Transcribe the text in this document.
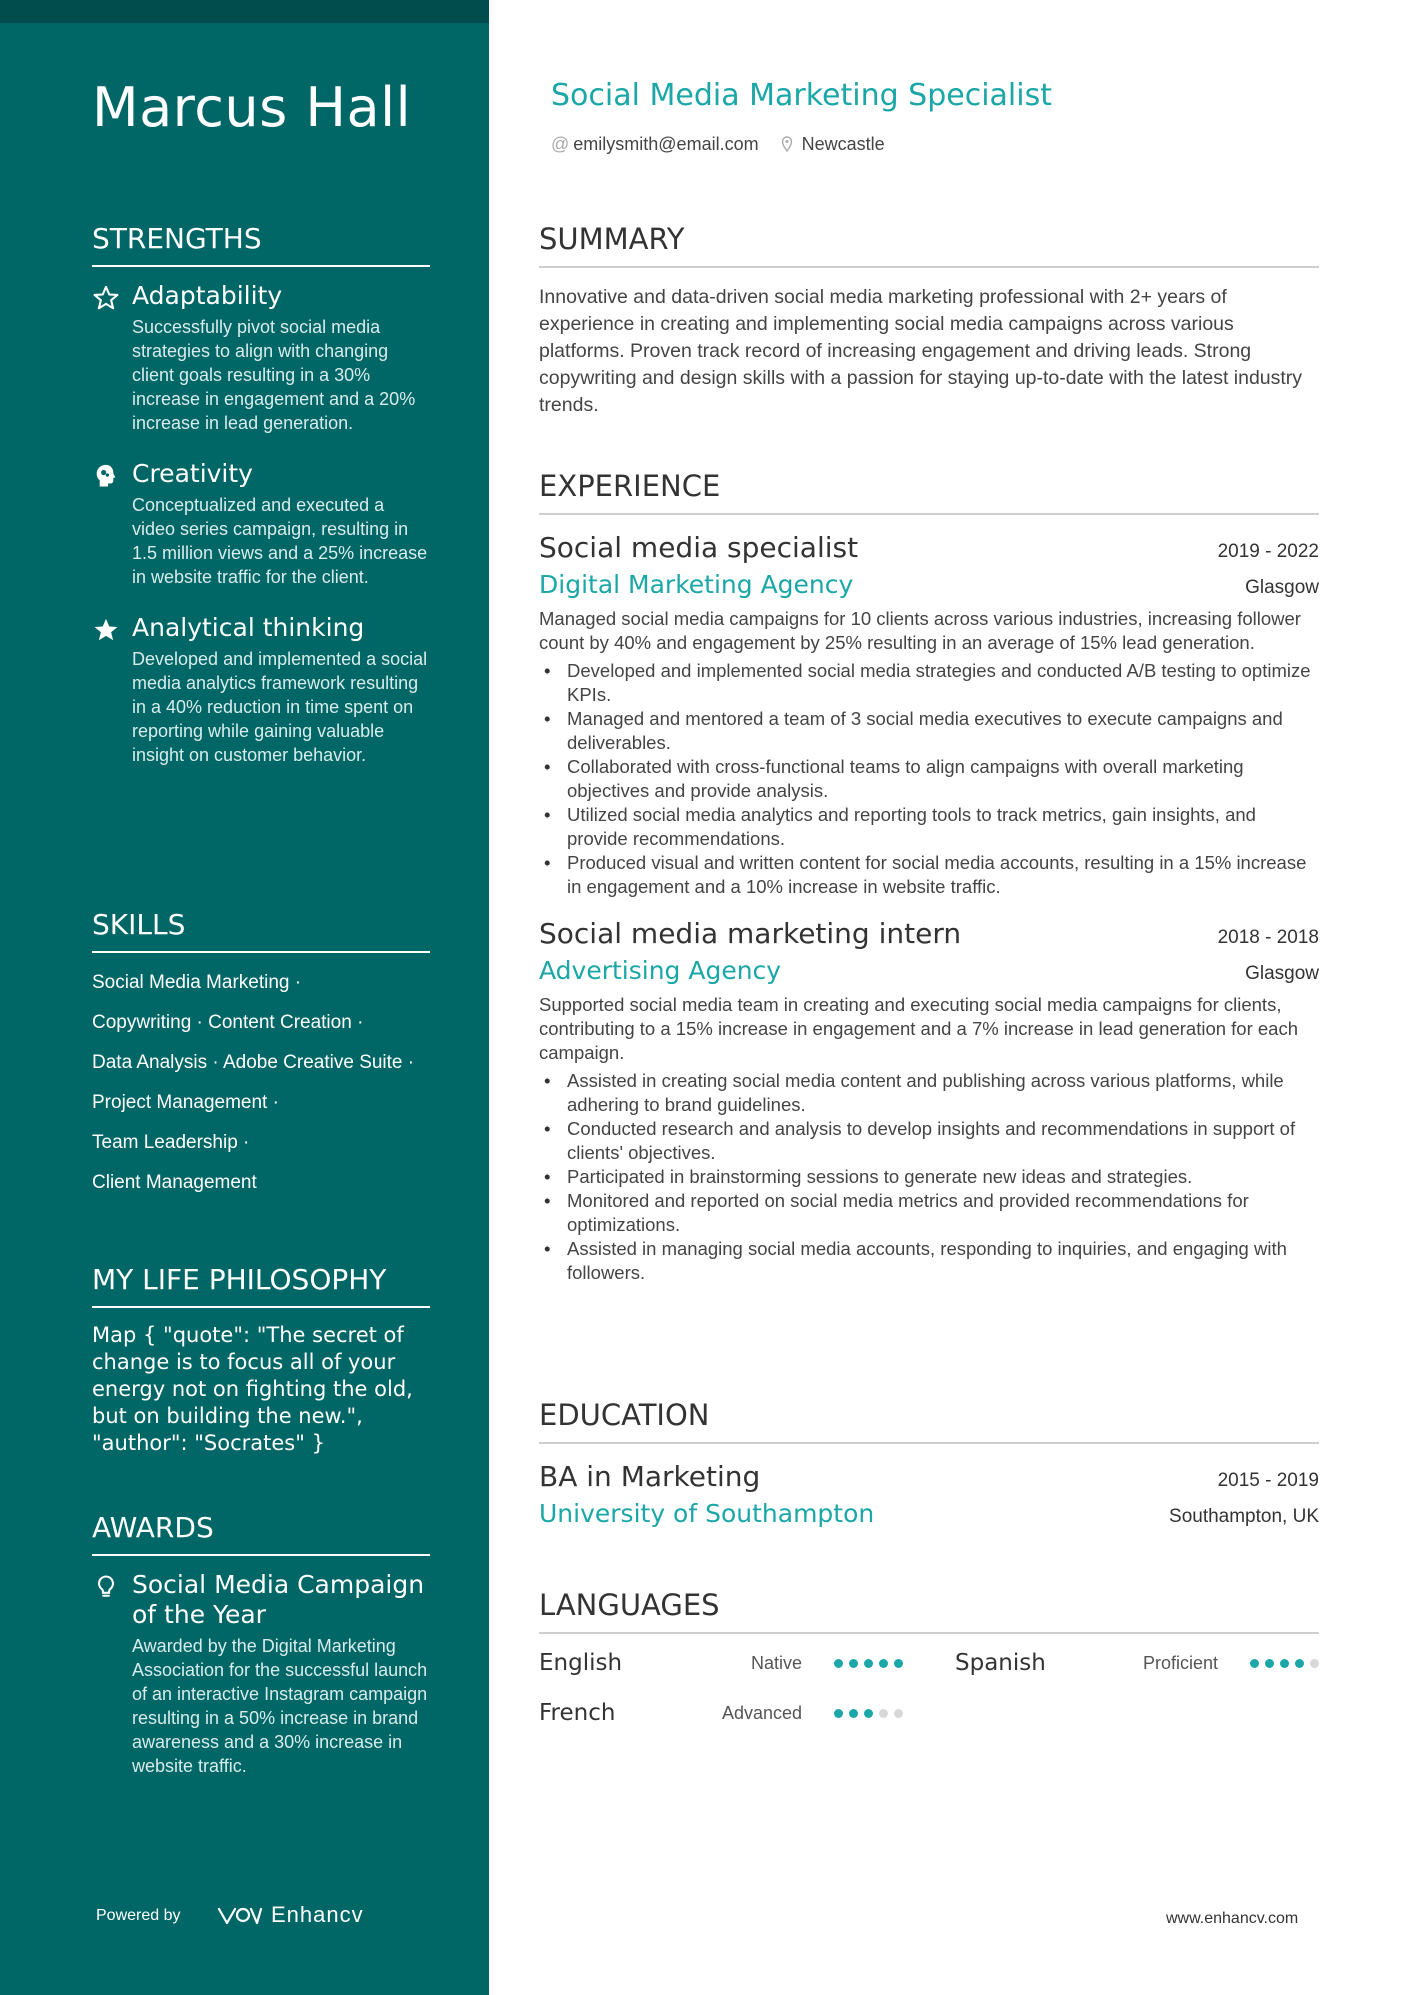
Marcus Hall
STRENGTHS
Adaptability
Successfully pivot social media strategies to align with changing client goals resulting in a 30% increase in engagement and a 20% increase in lead generation.
Creativity
Conceptualized and executed a video series campaign, resulting in 1.5 million views and a 25% increase in website traffic for the client.
Analytical thinking
Developed and implemented a social media analytics framework resulting in a 40% reduction in time spent on reporting while gaining valuable insight on customer behavior.
SKILLS
Social Media Marketing ·
Copywriting · Content Creation ·
Data Analysis · Adobe Creative Suite ·
Project Management ·
Team Leadership ·
Client Management
MY LIFE PHILOSOPHY
Map { "quote": "The secret of change is to focus all of your energy not on fighting the old, but on building the new.", "author": "Socrates" }
AWARDS
Social Media Campaign of the Year
Awarded by the Digital Marketing Association for the successful launch of an interactive Instagram campaign resulting in a 50% increase in brand awareness and a 30% increase in website traffic.
Powered by	Enhancv
Social Media Marketing Specialist
@ emilysmith@email.com	Newcastle
SUMMARY
Innovative and data-driven social media marketing professional with 2+ years of experience in creating and implementing social media campaigns across various platforms. Proven track record of increasing engagement and driving leads. Strong copywriting and design skills with a passion for staying up-to-date with the latest industry trends.
EXPERIENCE
Social media specialist	2019 - 2022
Digital Marketing Agency	Glasgow
Managed social media campaigns for 10 clients across various industries, increasing follower count by 40% and engagement by 25% resulting in an average of 15% lead generation.
• Developed and implemented social media strategies and conducted A/B testing to optimize KPIs.
• Managed and mentored a team of 3 social media executives to execute campaigns and deliverables.
• Collaborated with cross-functional teams to align campaigns with overall marketing objectives and provide analysis.
• Utilized social media analytics and reporting tools to track metrics, gain insights, and provide recommendations.
• Produced visual and written content for social media accounts, resulting in a 15% increase in engagement and a 10% increase in website traffic.
Social media marketing intern	2018 - 2018
Advertising Agency	Glasgow
Supported social media team in creating and executing social media campaigns for clients, contributing to a 15% increase in engagement and a 7% increase in lead generation for each campaign.
• Assisted in creating social media content and publishing across various platforms, while adhering to brand guidelines.
• Conducted research and analysis to develop insights and recommendations in support of clients' objectives.
• Participated in brainstorming sessions to generate new ideas and strategies.
• Monitored and reported on social media metrics and provided recommendations for optimizations.
• Assisted in managing social media accounts, responding to inquiries, and engaging with followers.
EDUCATION
BA in Marketing	2015 - 2019
University of Southampton	Southampton, UK
LANGUAGES
English	Native	Spanish	Proficient
French	Advanced
www.enhancv.com
